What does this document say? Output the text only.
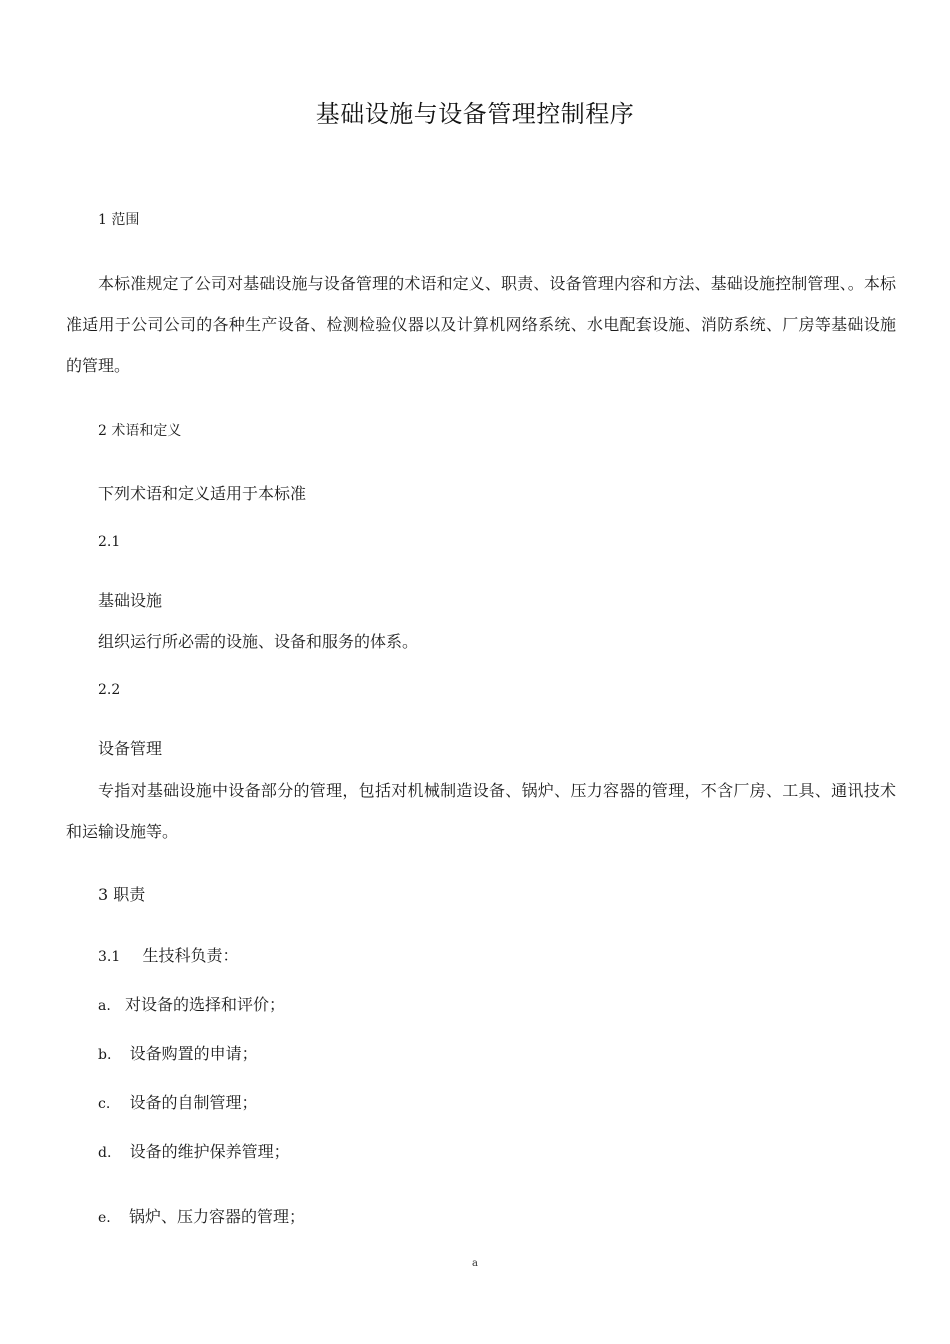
基础设施与设备管理控制程序
1 范围
本标准规定了公司对基础设施与设备管理的术语和定义、职责、设备管理内容和方法、基础设施控制管理、。本标准适用于公司公司的各种生产设备、检测检验仪器以及计算机网络系统、水电配套设施、消防系统、厂房等基础设施的管理。
2 术语和定义
下列术语和定义适用于本标准
2.1
基础设施
组织运行所必需的设施、设备和服务的体系。
2.2
设备管理
专指对基础设施中设备部分的管理，包括对机械制造设备、锅炉、压力容器的管理，不含厂房、工具、通讯技术和运输设施等。
3 职责
3.1 生技科负责：
a. 对设备的选择和评价；
b. 设备购置的申请；
c. 设备的自制管理；
d. 设备的维护保养管理；
e. 锅炉、压力容器的管理；
a
